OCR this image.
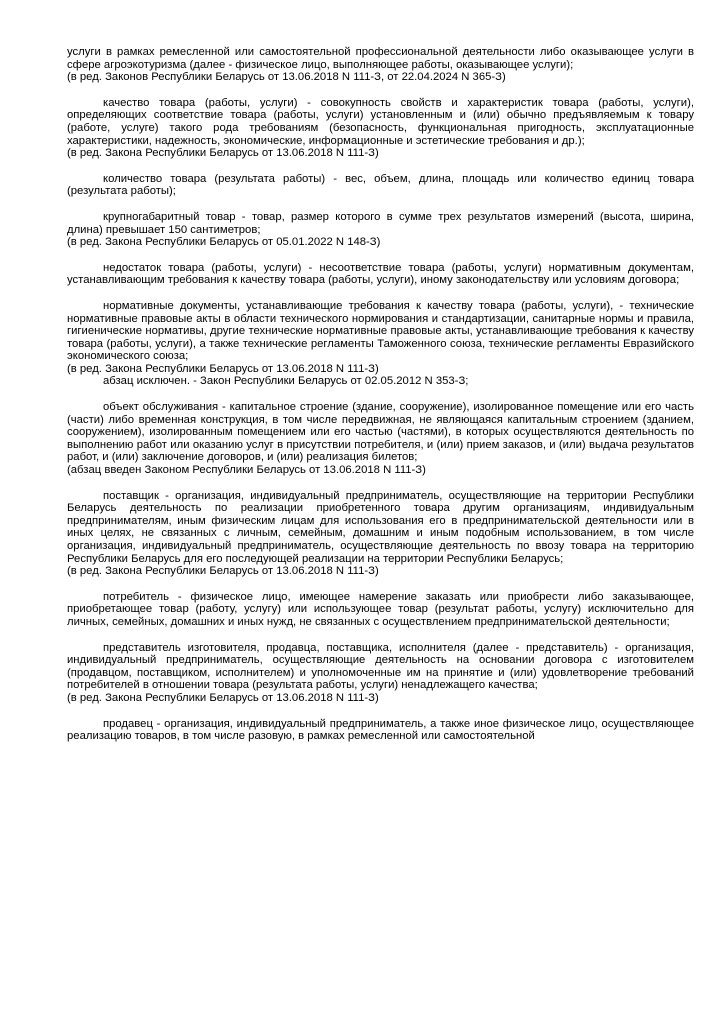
услуги в рамках ремесленной или самостоятельной профессиональной деятельности либо оказывающее услуги в сфере агроэкотуризма (далее - физическое лицо, выполняющее работы, оказывающее услуги);

(в ред. Законов Республики Беларусь от 13.06.2018 N 111-З, от 22.04.2024 N 365-З)

качество товара (работы, услуги) - совокупность свойств и характеристик товара (работы, услуги), определяющих соответствие товара (работы, услуги) установленным и (или) обычно предъявляемым к товару (работе, услуге) такого рода требованиям (безопасность, функциональная пригодность, эксплуатационные характеристики, надежность, экономические, информационные и эстетические требования и др.);

(в ред. Закона Республики Беларусь от 13.06.2018 N 111-З)

количество товара (результата работы) - вес, объем, длина, площадь или количество единиц товара (результата работы);

крупногабаритный товар - товар, размер которого в сумме трех результатов измерений (высота, ширина, длина) превышает 150 сантиметров;

(в ред. Закона Республики Беларусь от 05.01.2022 N 148-З)

недостаток товара (работы, услуги) - несоответствие товара (работы, услуги) нормативным документам, устанавливающим требования к качеству товара (работы, услуги), иному законодательству или условиям договора;

нормативные документы, устанавливающие требования к качеству товара (работы, услуги), - технические нормативные правовые акты в области технического нормирования и стандартизации, санитарные нормы и правила, гигиенические нормативы, другие технические нормативные правовые акты, устанавливающие требования к качеству товара (работы, услуги), а также технические регламенты Таможенного союза, технические регламенты Евразийского экономического союза;

(в ред. Закона Республики Беларусь от 13.06.2018 N 111-З)

абзац исключен. - Закон Республики Беларусь от 02.05.2012 N 353-З;

объект обслуживания - капитальное строение (здание, сооружение), изолированное помещение или его часть (части) либо временная конструкция, в том числе передвижная, не являющаяся капитальным строением (зданием, сооружением), изолированным помещением или его частью (частями), в которых осуществляются деятельность по выполнению работ или оказанию услуг в присутствии потребителя, и (или) прием заказов, и (или) выдача результатов работ, и (или) заключение договоров, и (или) реализация билетов;

(абзац введен Законом Республики Беларусь от 13.06.2018 N 111-З)

поставщик - организация, индивидуальный предприниматель, осуществляющие на территории Республики Беларусь деятельность по реализации приобретенного товара другим организациям, индивидуальным предпринимателям, иным физическим лицам для использования его в предпринимательской деятельности или в иных целях, не связанных с личным, семейным, домашним и иным подобным использованием, в том числе организация, индивидуальный предприниматель, осуществляющие деятельность по ввозу товара на территорию Республики Беларусь для его последующей реализации на территории Республики Беларусь;

(в ред. Закона Республики Беларусь от 13.06.2018 N 111-З)

потребитель - физическое лицо, имеющее намерение заказать или приобрести либо заказывающее, приобретающее товар (работу, услугу) или использующее товар (результат работы, услугу) исключительно для личных, семейных, домашних и иных нужд, не связанных с осуществлением предпринимательской деятельности;

представитель изготовителя, продавца, поставщика, исполнителя (далее - представитель) - организация, индивидуальный предприниматель, осуществляющие деятельность на основании договора с изготовителем (продавцом, поставщиком, исполнителем) и уполномоченные им на принятие и (или) удовлетворение требований потребителей в отношении товара (результата работы, услуги) ненадлежащего качества;

(в ред. Закона Республики Беларусь от 13.06.2018 N 111-З)

продавец - организация, индивидуальный предприниматель, а также иное физическое лицо, осуществляющее реализацию товаров, в том числе разовую, в рамках ремесленной или самостоятельной
